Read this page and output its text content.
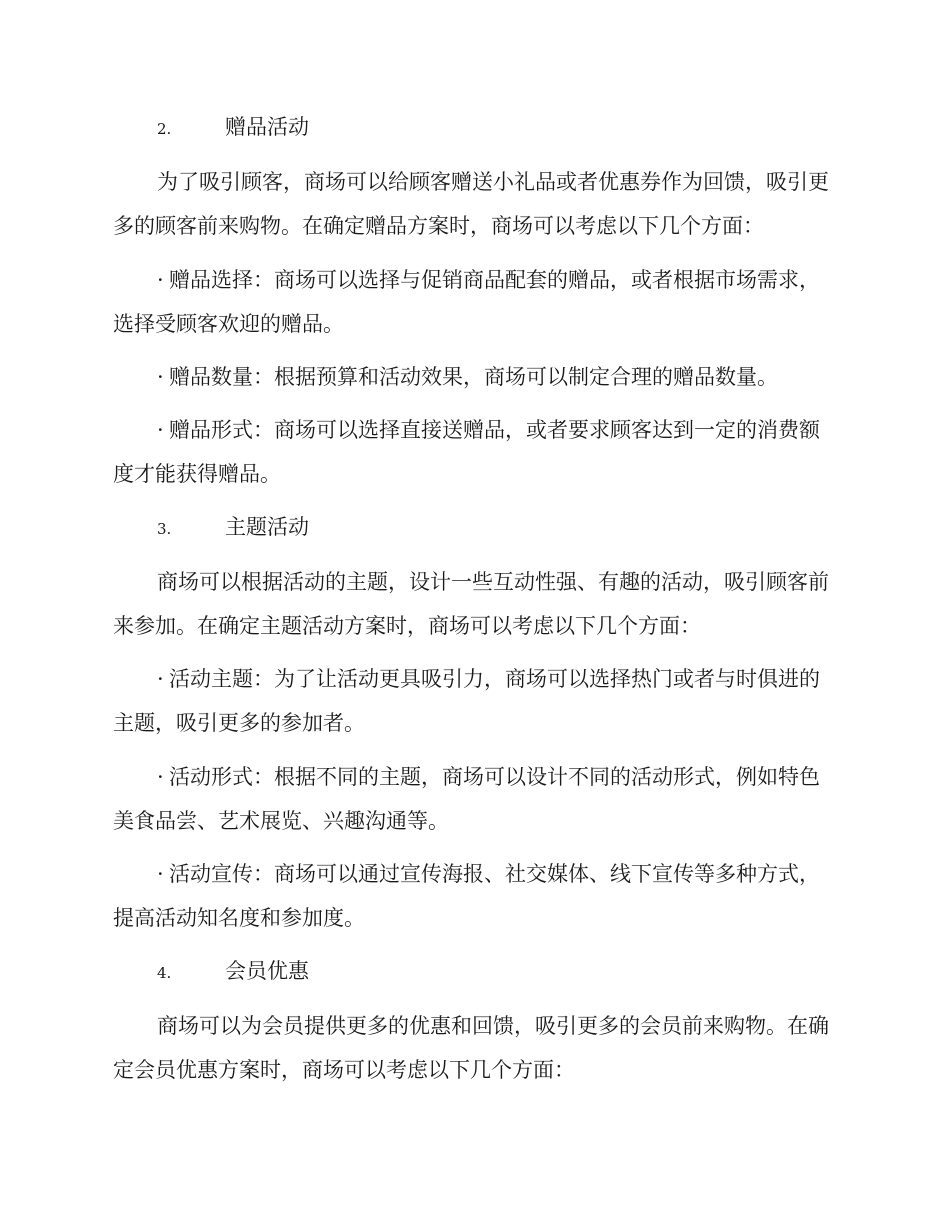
2.	赠品活动

为了吸引顾客，商场可以给顾客赠送小礼品或者优惠券作为回馈，吸引更多的顾客前来购物。在确定赠品方案时，商场可以考虑以下几个方面：

· 赠品选择：商场可以选择与促销商品配套的赠品，或者根据市场需求，选择受顾客欢迎的赠品。

· 赠品数量：根据预算和活动效果，商场可以制定合理的赠品数量。

· 赠品形式：商场可以选择直接送赠品，或者要求顾客达到一定的消费额度才能获得赠品。

3.	主题活动

商场可以根据活动的主题，设计一些互动性强、有趣的活动，吸引顾客前来参加。在确定主题活动方案时，商场可以考虑以下几个方面：

· 活动主题：为了让活动更具吸引力，商场可以选择热门或者与时俱进的主题，吸引更多的参加者。

· 活动形式：根据不同的主题，商场可以设计不同的活动形式，例如特色美食品尝、艺术展览、兴趣沟通等。

· 活动宣传：商场可以通过宣传海报、社交媒体、线下宣传等多种方式，提高活动知名度和参加度。

4.	会员优惠

商场可以为会员提供更多的优惠和回馈，吸引更多的会员前来购物。在确定会员优惠方案时，商场可以考虑以下几个方面：
